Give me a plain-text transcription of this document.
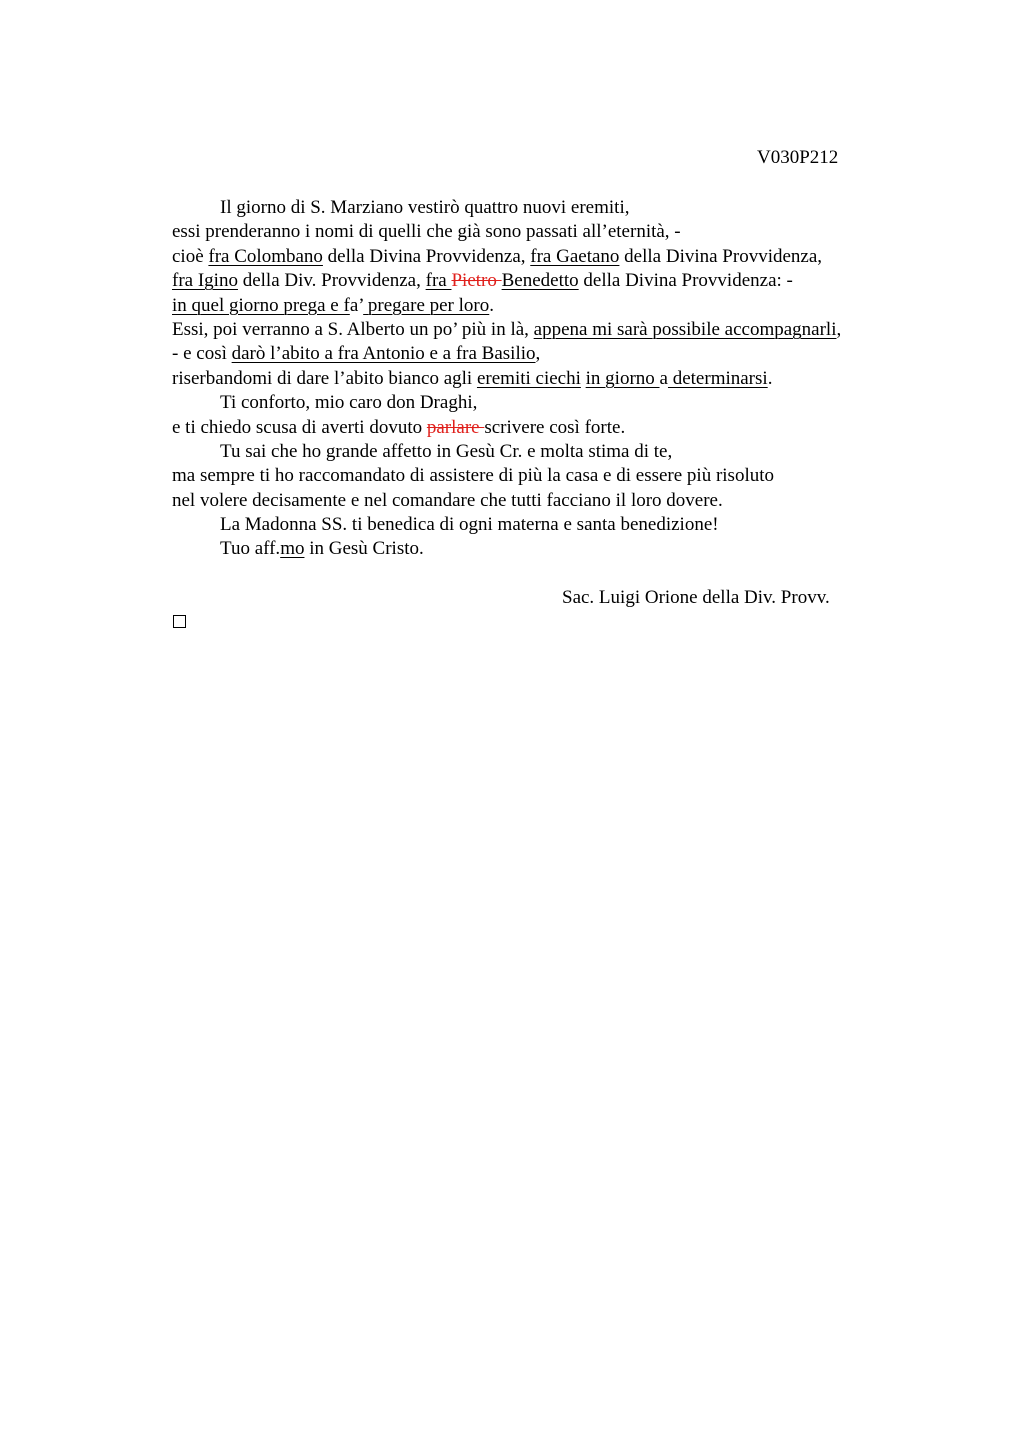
V030P212
Il giorno di S. Marziano vestirò quattro nuovi eremiti,
essi prenderanno i nomi di quelli che già sono passati all’eternità, -
cioè fra Colombano della Divina Provvidenza, fra Gaetano della Divina Provvidenza,
fra Igino della Div. Provvidenza, fra Pietro Benedetto della Divina Provvidenza: -
in quel giorno prega e fa’ pregare per loro.
Essi, poi verranno a S. Alberto un po’ più in là, appena mi sarà possibile accompagnarli,
- e così darò l’abito a fra Antonio e a fra Basilio,
riserbandomi di dare l’abito bianco agli eremiti ciechi in giorno a determinarsi.
Ti conforto, mio caro don Draghi,
e ti chiedo scusa di averti dovuto parlare scrivere così forte.
Tu sai che ho grande affetto in Gesù Cr. e molta stima di te,
ma sempre ti ho raccomandato di assistere di più la casa e di essere più risoluto
nel volere decisamente e nel comandare che tutti facciano il loro dovere.
La Madonna SS. ti benedica di ogni materna e santa benedizione!
Tuo aff.mo in Gesù Cristo.
Sac. Luigi Orione della Div. Provv.
